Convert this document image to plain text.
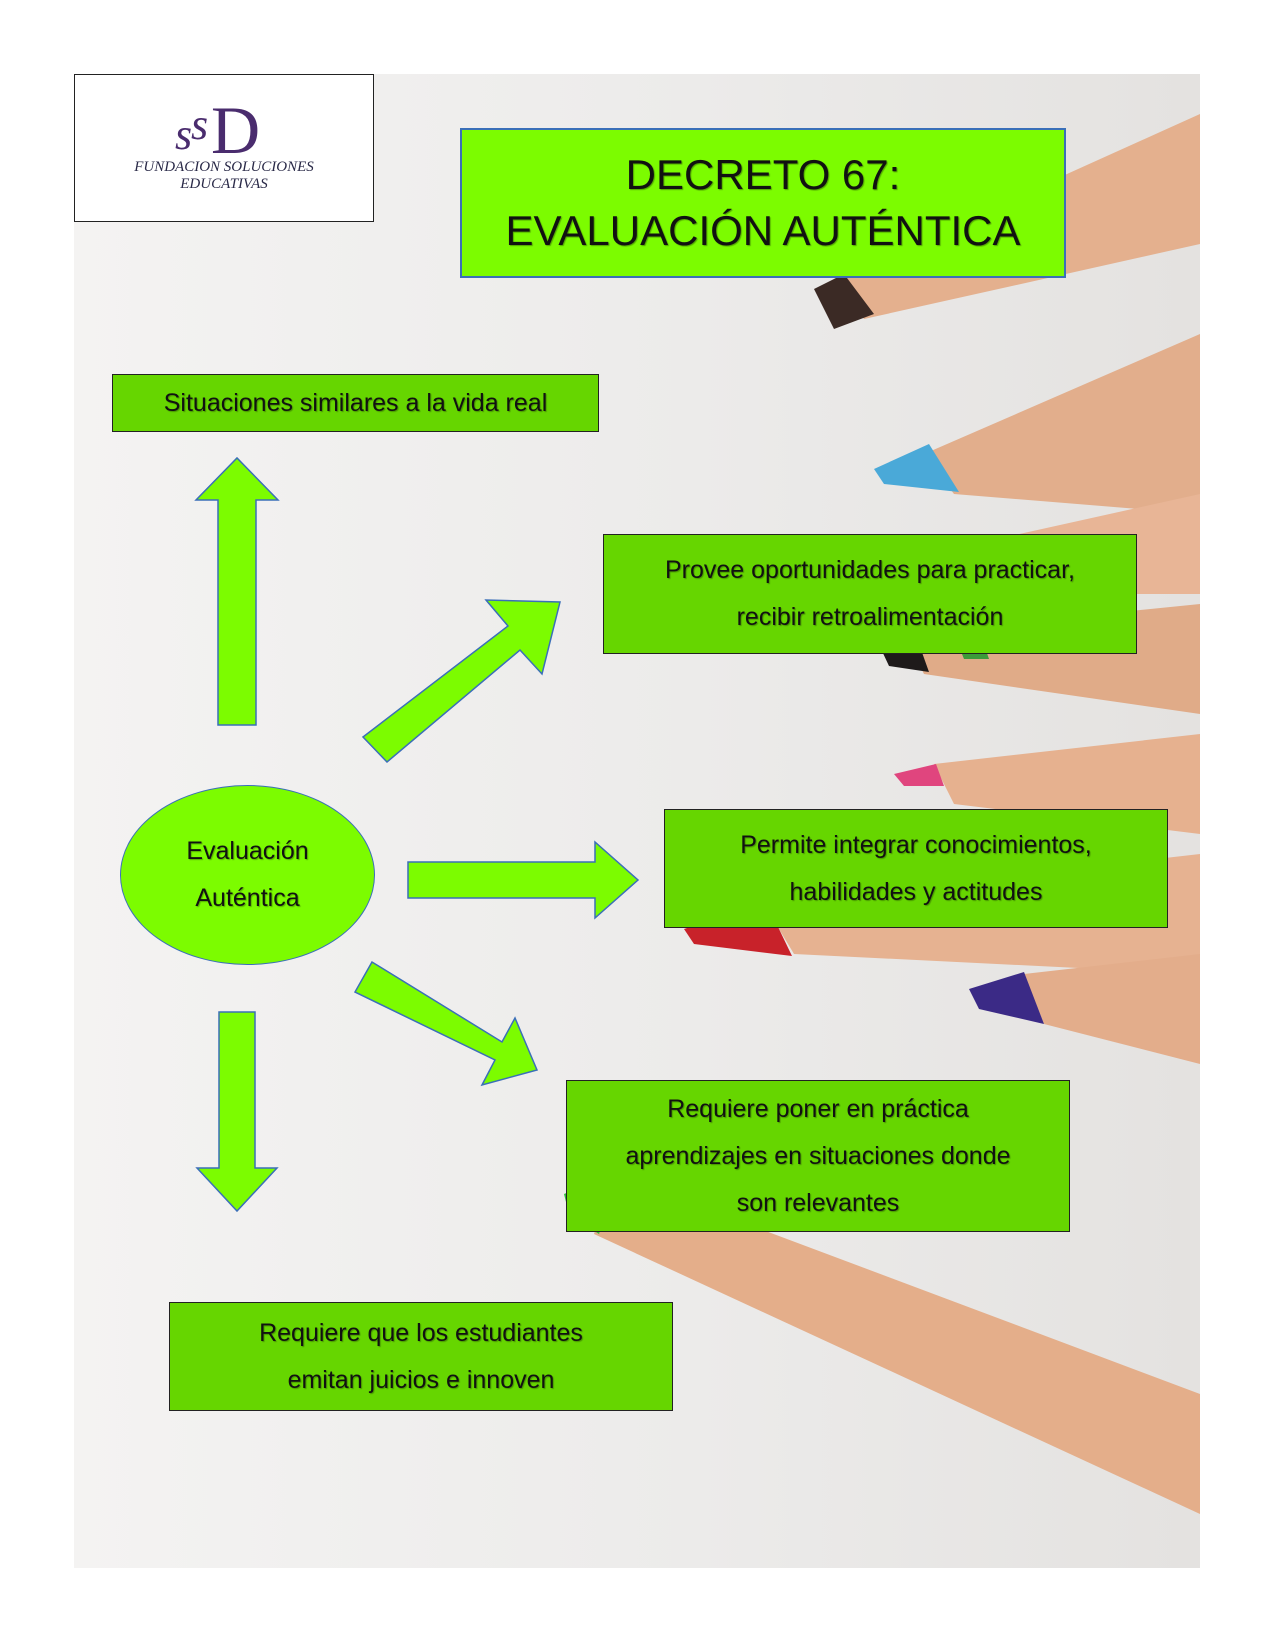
s
s D
FUNDACION SOLUCIONES
EDUCATIVAS	DECRETO 67:
EVALUACIÓN AUTÉNTICA
Evaluación
Auténtica
Situaciones similares a la vida real
Provee oportunidades para practicar,
recibir retroalimentación
Permite integrar conocimientos,
habilidades y actitudes
Requiere poner en práctica
aprendizajes en situaciones donde
son relevantes
Requiere que los estudiantes
emitan juicios e innoven
